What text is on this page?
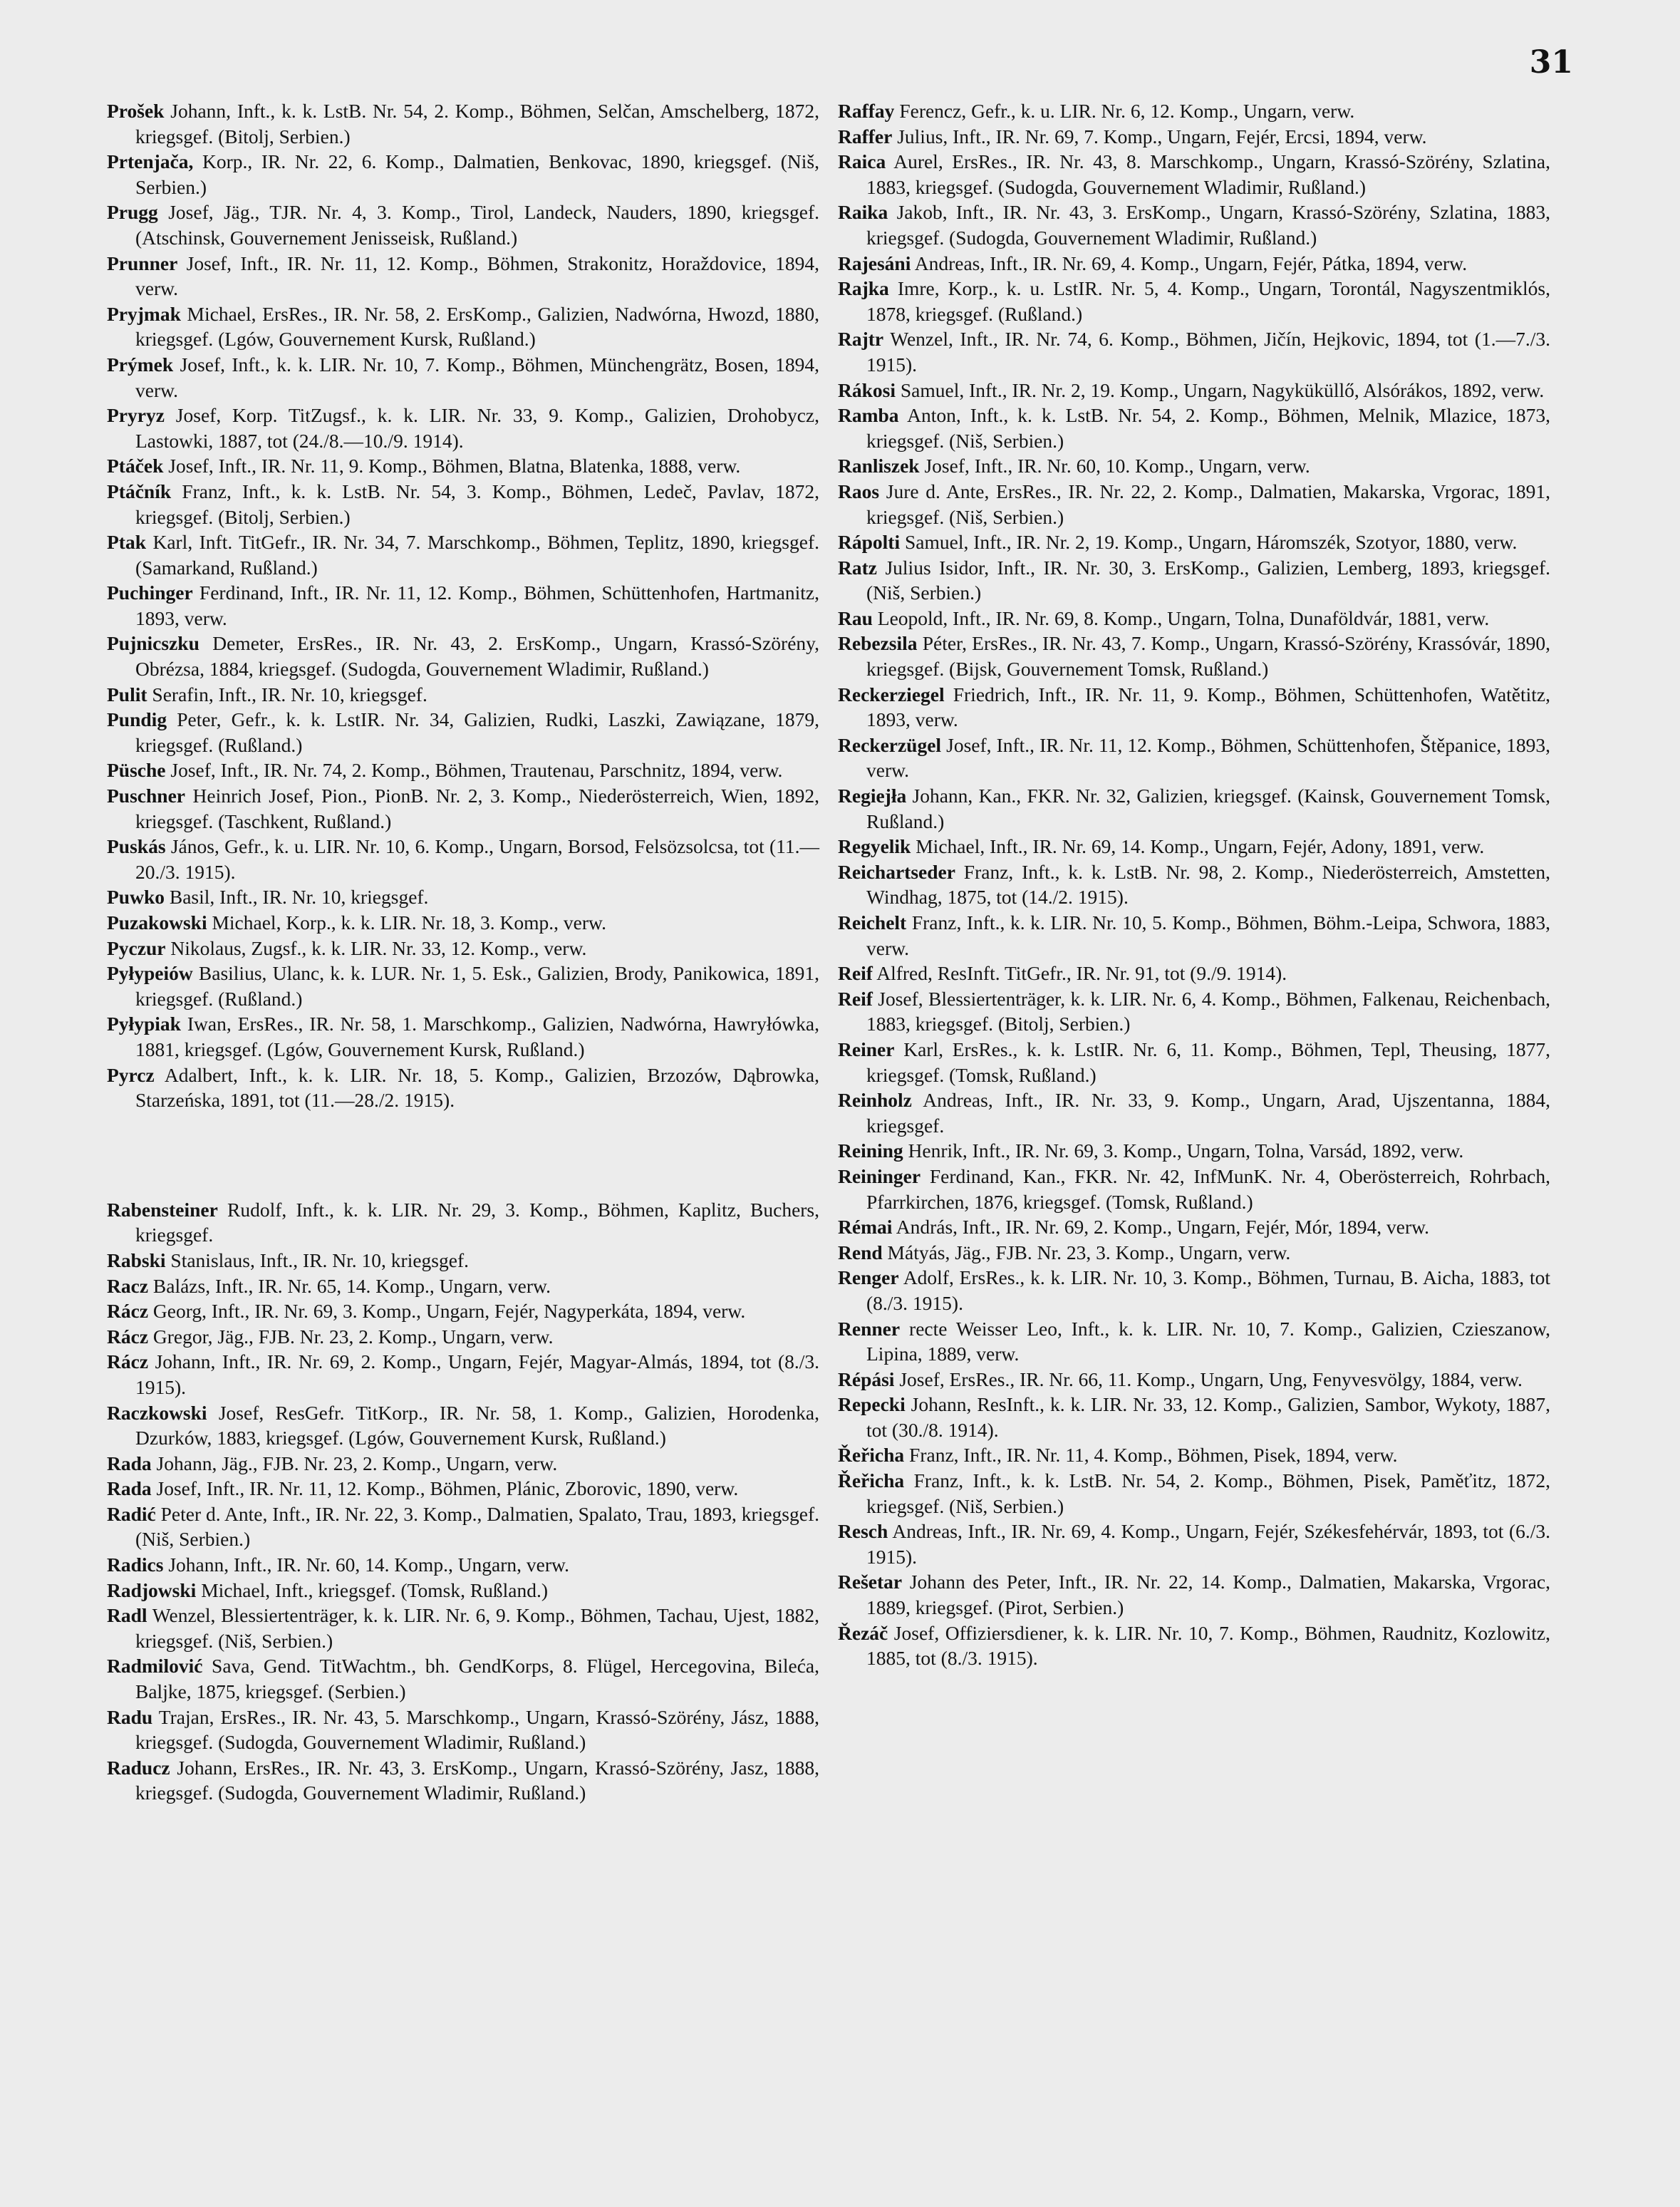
31

Prošek Johann, Inft., k. k. LstB. Nr. 54, 2. Komp., Böhmen, Selčan, Amschelberg, 1872, kriegsgef. (Bitolj, Serbien.)

Prtenjača, Korp., IR. Nr. 22, 6. Komp., Dalmatien, Benkovac, 1890, kriegsgef. (Niš, Serbien.)

Prugg Josef, Jäg., TJR. Nr. 4, 3. Komp., Tirol, Landeck, Nauders, 1890, kriegsgef. (Atschinsk, Gouvernement Jenisseisk, Rußland.)

Prunner Josef, Inft., IR. Nr. 11, 12. Komp., Böhmen, Strakonitz, Horaždovice, 1894, verw.

Pryjmak Michael, ErsRes., IR. Nr. 58, 2. ErsKomp., Galizien, Nadwórna, Hwozd, 1880, kriegsgef. (Lgów, Gouvernement Kursk, Rußland.)

Prýmek Josef, Inft., k. k. LIR. Nr. 10, 7. Komp., Böhmen, Münchengrätz, Bosen, 1894, verw.

Pryryz Josef, Korp. TitZugsf., k. k. LIR. Nr. 33, 9. Komp., Galizien, Drohobycz, Lastowki, 1887, tot (24./8.—10./9. 1914).

Ptáček Josef, Inft., IR. Nr. 11, 9. Komp., Böhmen, Blatna, Blatenka, 1888, verw.

Ptáčník Franz, Inft., k. k. LstB. Nr. 54, 3. Komp., Böhmen, Ledeč, Pavlav, 1872, kriegsgef. (Bitolj, Serbien.)

Ptak Karl, Inft. TitGefr., IR. Nr. 34, 7. Marschkomp., Böhmen, Teplitz, 1890, kriegsgef. (Samarkand, Rußland.)

Puchinger Ferdinand, Inft., IR. Nr. 11, 12. Komp., Böhmen, Schüttenhofen, Hartmanitz, 1893, verw.

Pujnicszku Demeter, ErsRes., IR. Nr. 43, 2. ErsKomp., Ungarn, Krassó-Szörény, Obrézsa, 1884, kriegsgef. (Sudogda, Gouvernement Wladimir, Rußland.)

Pulit Serafin, Inft., IR. Nr. 10, kriegsgef.

Pundig Peter, Gefr., k. k. LstIR. Nr. 34, Galizien, Rudki, Laszki, Zawiązane, 1879, kriegsgef. (Rußland.)

Püsche Josef, Inft., IR. Nr. 74, 2. Komp., Böhmen, Trautenau, Parschnitz, 1894, verw.

Puschner Heinrich Josef, Pion., PionB. Nr. 2, 3. Komp., Niederösterreich, Wien, 1892, kriegsgef. (Taschkent, Rußland.)

Puskás János, Gefr., k. u. LIR. Nr. 10, 6. Komp., Ungarn, Borsod, Felsözsolcsa, tot (11.—20./3. 1915).

Puwko Basil, Inft., IR. Nr. 10, kriegsgef.

Puzakowski Michael, Korp., k. k. LIR. Nr. 18, 3. Komp., verw.

Pyczur Nikolaus, Zugsf., k. k. LIR. Nr. 33, 12. Komp., verw.

Pyłypeiów Basilius, Ulanc, k. k. LUR. Nr. 1, 5. Esk., Galizien, Brody, Panikowica, 1891, kriegsgef. (Rußland.)

Pyłypiak Iwan, ErsRes., IR. Nr. 58, 1. Marschkomp., Galizien, Nadwórna, Hawryłówka, 1881, kriegsgef. (Lgów, Gouvernement Kursk, Rußland.)

Pyrcz Adalbert, Inft., k. k. LIR. Nr. 18, 5. Komp., Galizien, Brzozów, Dąbrowka, Starzeńska, 1891, tot (11.—28./2. 1915).

Rabensteiner Rudolf, Inft., k. k. LIR. Nr. 29, 3. Komp., Böhmen, Kaplitz, Buchers, kriegsgef.

Rabski Stanislaus, Inft., IR. Nr. 10, kriegsgef.

Racz Balázs, Inft., IR. Nr. 65, 14. Komp., Ungarn, verw.

Rácz Georg, Inft., IR. Nr. 69, 3. Komp., Ungarn, Fejér, Nagyperkáta, 1894, verw.

Rácz Gregor, Jäg., FJB. Nr. 23, 2. Komp., Ungarn, verw.

Rácz Johann, Inft., IR. Nr. 69, 2. Komp., Ungarn, Fejér, Magyar-Almás, 1894, tot (8./3. 1915).

Raczkowski Josef, ResGefr. TitKorp., IR. Nr. 58, 1. Komp., Galizien, Horodenka, Dzurków, 1883, kriegsgef. (Lgów, Gouvernement Kursk, Rußland.)

Rada Johann, Jäg., FJB. Nr. 23, 2. Komp., Ungarn, verw.

Rada Josef, Inft., IR. Nr. 11, 12. Komp., Böhmen, Plánic, Zborovic, 1890, verw.

Radić Peter d. Ante, Inft., IR. Nr. 22, 3. Komp., Dalmatien, Spalato, Trau, 1893, kriegsgef. (Niš, Serbien.)

Radics Johann, Inft., IR. Nr. 60, 14. Komp., Ungarn, verw.

Radjowski Michael, Inft., kriegsgef. (Tomsk, Rußland.)

Radl Wenzel, Blessiertenträger, k. k. LIR. Nr. 6, 9. Komp., Böhmen, Tachau, Ujest, 1882, kriegsgef. (Niš, Serbien.)

Radmilović Sava, Gend. TitWachtm., bh. GendKorps, 8. Flügel, Hercegovina, Bileća, Baljke, 1875, kriegsgef. (Serbien.)

Radu Trajan, ErsRes., IR. Nr. 43, 5. Marschkomp., Ungarn, Krassó-Szörény, Jász, 1888, kriegsgef. (Sudogda, Gouvernement Wladimir, Rußland.)

Raducz Johann, ErsRes., IR. Nr. 43, 3. ErsKomp., Ungarn, Krassó-Szörény, Jasz, 1888, kriegsgef. (Sudogda, Gouvernement Wladimir, Rußland.)

Raffay Ferencz, Gefr., k. u. LIR. Nr. 6, 12. Komp., Ungarn, verw.

Raffer Julius, Inft., IR. Nr. 69, 7. Komp., Ungarn, Fejér, Ercsi, 1894, verw.

Raica Aurel, ErsRes., IR. Nr. 43, 8. Marschkomp., Ungarn, Krassó-Szörény, Szlatina, 1883, kriegsgef. (Sudogda, Gouvernement Wladimir, Rußland.)

Raika Jakob, Inft., IR. Nr. 43, 3. ErsKomp., Ungarn, Krassó-Szörény, Szlatina, 1883, kriegsgef. (Sudogda, Gouvernement Wladimir, Rußland.)

Rajesáni Andreas, Inft., IR. Nr. 69, 4. Komp., Ungarn, Fejér, Pátka, 1894, verw.

Rajka Imre, Korp., k. u. LstIR. Nr. 5, 4. Komp., Ungarn, Torontál, Nagyszentmiklós, 1878, kriegsgef. (Rußland.)

Rajtr Wenzel, Inft., IR. Nr. 74, 6. Komp., Böhmen, Jičín, Hejkovic, 1894, tot (1.—7./3. 1915).

Rákosi Samuel, Inft., IR. Nr. 2, 19. Komp., Ungarn, Nagyküküllő, Alsórákos, 1892, verw.

Ramba Anton, Inft., k. k. LstB. Nr. 54, 2. Komp., Böhmen, Melnik, Mlazice, 1873, kriegsgef. (Niš, Serbien.)

Ranliszek Josef, Inft., IR. Nr. 60, 10. Komp., Ungarn, verw.

Raos Jure d. Ante, ErsRes., IR. Nr. 22, 2. Komp., Dalmatien, Makarska, Vrgorac, 1891, kriegsgef. (Niš, Serbien.)

Rápolti Samuel, Inft., IR. Nr. 2, 19. Komp., Ungarn, Háromszék, Szotyor, 1880, verw.

Ratz Julius Isidor, Inft., IR. Nr. 30, 3. ErsKomp., Galizien, Lemberg, 1893, kriegsgef. (Niš, Serbien.)

Rau Leopold, Inft., IR. Nr. 69, 8. Komp., Ungarn, Tolna, Dunaföldvár, 1881, verw.

Rebezsila Péter, ErsRes., IR. Nr. 43, 7. Komp., Ungarn, Krassó-Szörény, Krassóvár, 1890, kriegsgef. (Bijsk, Gouvernement Tomsk, Rußland.)

Reckerziegel Friedrich, Inft., IR. Nr. 11, 9. Komp., Böhmen, Schüttenhofen, Watětitz, 1893, verw.

Reckerzügel Josef, Inft., IR. Nr. 11, 12. Komp., Böhmen, Schüttenhofen, Štěpanice, 1893, verw.

Regiejła Johann, Kan., FKR. Nr. 32, Galizien, kriegsgef. (Kainsk, Gouvernement Tomsk, Rußland.)

Regyelik Michael, Inft., IR. Nr. 69, 14. Komp., Ungarn, Fejér, Adony, 1891, verw.

Reichartseder Franz, Inft., k. k. LstB. Nr. 98, 2. Komp., Niederösterreich, Amstetten, Windhag, 1875, tot (14./2. 1915).

Reichelt Franz, Inft., k. k. LIR. Nr. 10, 5. Komp., Böhmen, Böhm.-Leipa, Schwora, 1883, verw.

Reif Alfred, ResInft. TitGefr., IR. Nr. 91, tot (9./9. 1914).

Reif Josef, Blessiertenträger, k. k. LIR. Nr. 6, 4. Komp., Böhmen, Falkenau, Reichenbach, 1883, kriegsgef. (Bitolj, Serbien.)

Reiner Karl, ErsRes., k. k. LstIR. Nr. 6, 11. Komp., Böhmen, Tepl, Theusing, 1877, kriegsgef. (Tomsk, Rußland.)

Reinholz Andreas, Inft., IR. Nr. 33, 9. Komp., Ungarn, Arad, Ujszentanna, 1884, kriegsgef.

Reining Henrik, Inft., IR. Nr. 69, 3. Komp., Ungarn, Tolna, Varsád, 1892, verw.

Reininger Ferdinand, Kan., FKR. Nr. 42, InfMunK. Nr. 4, Oberösterreich, Rohrbach, Pfarrkirchen, 1876, kriegsgef. (Tomsk, Rußland.)

Rémai András, Inft., IR. Nr. 69, 2. Komp., Ungarn, Fejér, Mór, 1894, verw.

Rend Mátyás, Jäg., FJB. Nr. 23, 3. Komp., Ungarn, verw.

Renger Adolf, ErsRes., k. k. LIR. Nr. 10, 3. Komp., Böhmen, Turnau, B. Aicha, 1883, tot (8./3. 1915).

Renner recte Weisser Leo, Inft., k. k. LIR. Nr. 10, 7. Komp., Galizien, Czieszanow, Lipina, 1889, verw.

Répási Josef, ErsRes., IR. Nr. 66, 11. Komp., Ungarn, Ung, Fenyvesvölgy, 1884, verw.

Repecki Johann, ResInft., k. k. LIR. Nr. 33, 12. Komp., Galizien, Sambor, Wykoty, 1887, tot (30./8. 1914).

Řeřicha Franz, Inft., IR. Nr. 11, 4. Komp., Böhmen, Pisek, 1894, verw.

Řeřicha Franz, Inft., k. k. LstB. Nr. 54, 2. Komp., Böhmen, Pisek, Paměťitz, 1872, kriegsgef. (Niš, Serbien.)

Resch Andreas, Inft., IR. Nr. 69, 4. Komp., Ungarn, Fejér, Székesfehérvár, 1893, tot (6./3. 1915).

Rešetar Johann des Peter, Inft., IR. Nr. 22, 14. Komp., Dalmatien, Makarska, Vrgorac, 1889, kriegsgef. (Pirot, Serbien.)

Řezáč Josef, Offiziersdiener, k. k. LIR. Nr. 10, 7. Komp., Böhmen, Raudnitz, Kozlowitz, 1885, tot (8./3. 1915).
